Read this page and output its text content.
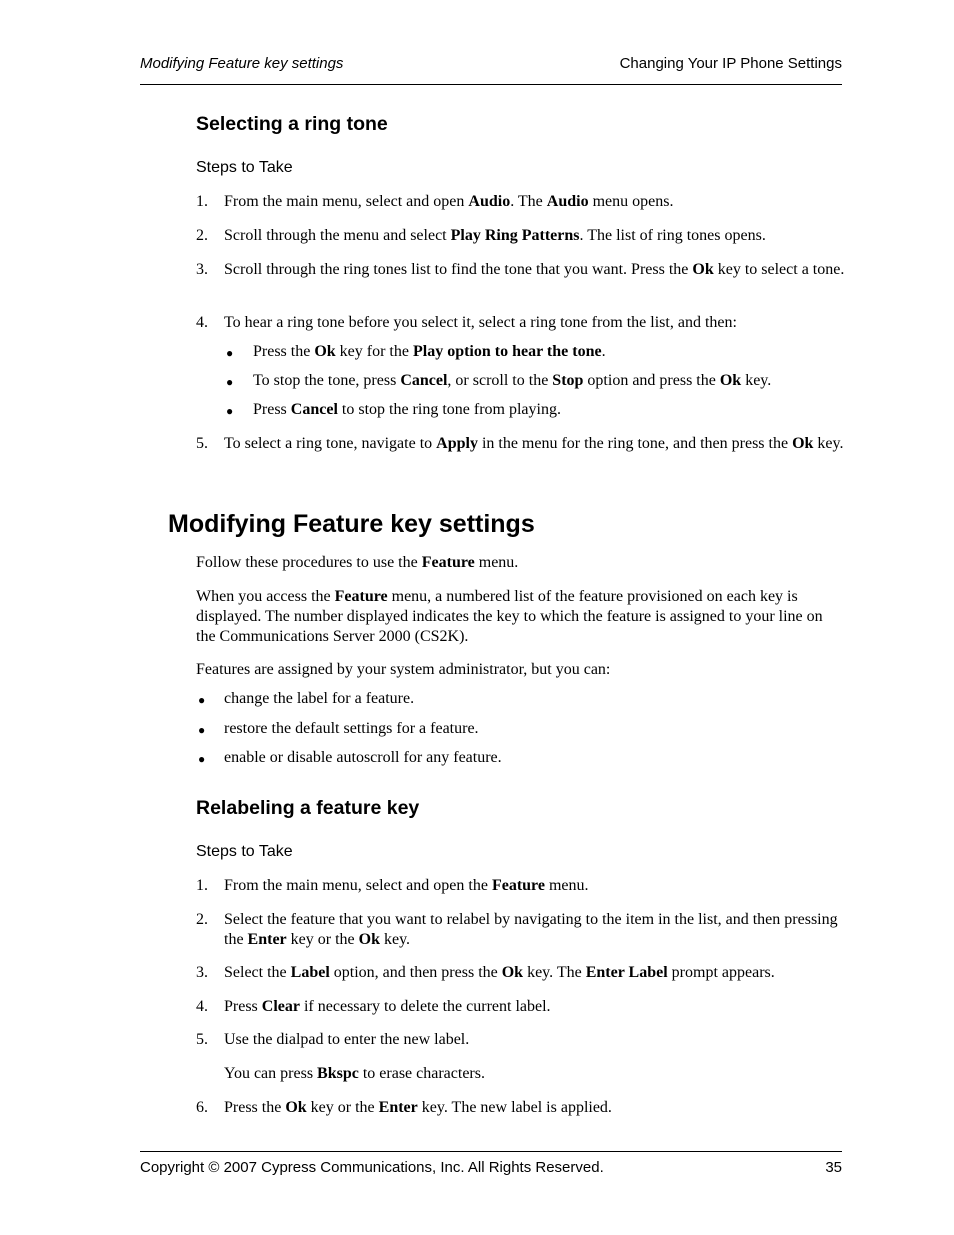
Modifying Feature key settings	Changing Your IP Phone Settings
Selecting a ring tone
Steps to Take
1. From the main menu, select and open Audio. The Audio menu opens.
2. Scroll through the menu and select Play Ring Patterns. The list of ring tones opens.
3. Scroll through the ring tones list to find the tone that you want. Press the Ok key to select a tone.
4. To hear a ring tone before you select it, select a ring tone from the list, and then:
● Press the Ok key for the Play option to hear the tone.
● To stop the tone, press Cancel, or scroll to the Stop option and press the Ok key.
● Press Cancel to stop the ring tone from playing.
5. To select a ring tone, navigate to Apply in the menu for the ring tone, and then press the Ok key.
Modifying Feature key settings
Follow these procedures to use the Feature menu.
When you access the Feature menu, a numbered list of the feature provisioned on each key is displayed. The number displayed indicates the key to which the feature is assigned to your line on the Communications Server 2000 (CS2K).
Features are assigned by your system administrator, but you can:
● change the label for a feature.
● restore the default settings for a feature.
● enable or disable autoscroll for any feature.
Relabeling a feature key
Steps to Take
1. From the main menu, select and open the Feature menu.
2. Select the feature that you want to relabel by navigating to the item in the list, and then pressing the Enter key or the Ok key.
3. Select the Label option, and then press the Ok key. The Enter Label prompt appears.
4. Press Clear if necessary to delete the current label.
5. Use the dialpad to enter the new label.
You can press Bkspc to erase characters.
6. Press the Ok key or the Enter key. The new label is applied.
Copyright © 2007 Cypress Communications, Inc. All Rights Reserved.	35
